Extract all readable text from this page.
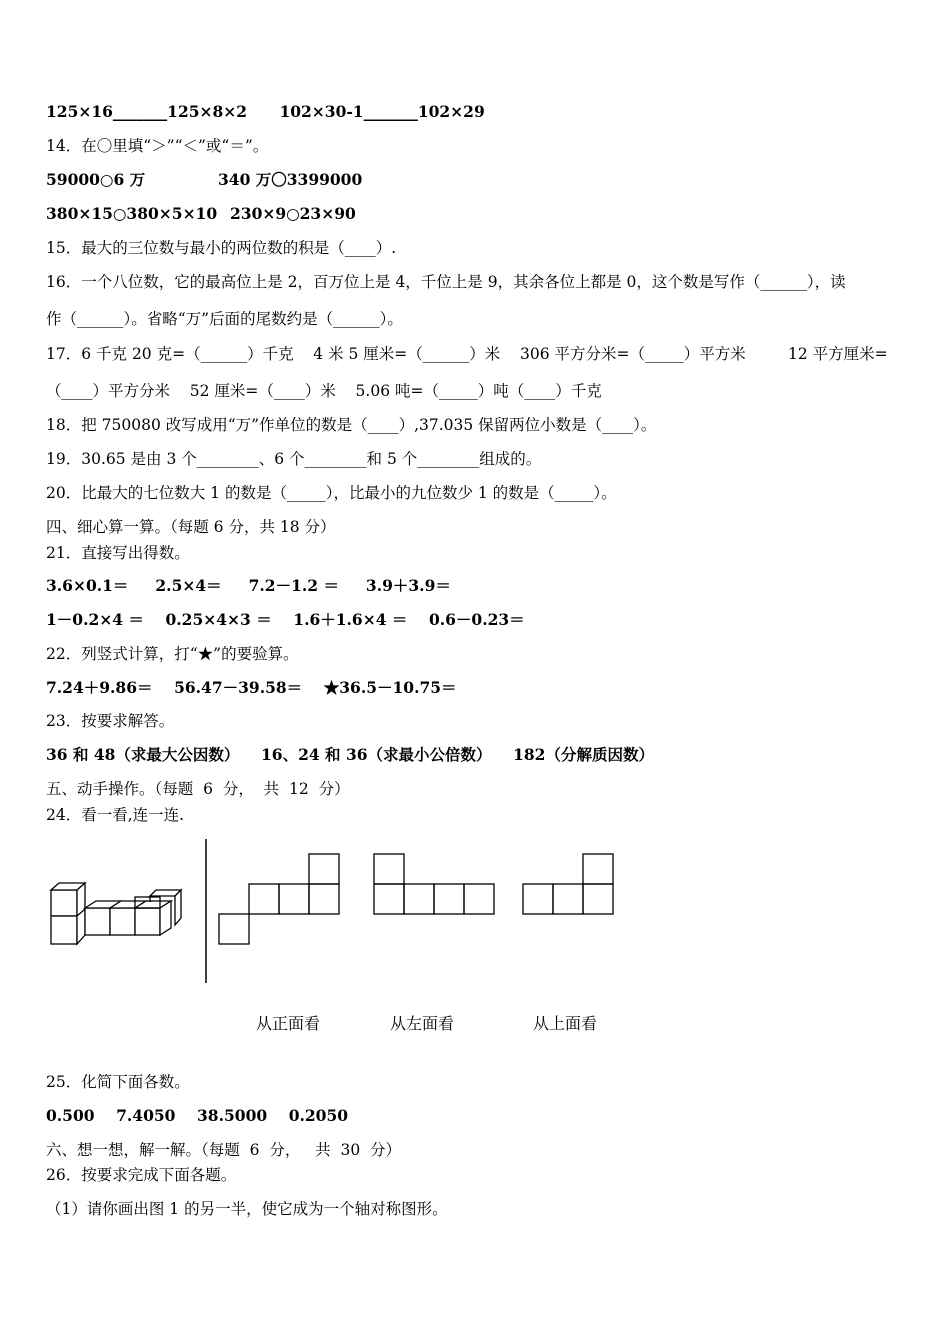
125×16_______125×8×2      102×30-1_______102×29
14．在〇里填“＞”“＜”或“＝”。
59000○6 万	340 万〇3399000
380×15○380×5×10 230×9○23×90
15．最大的三位数与最小的两位数的积是（____）.
16．一个八位数，它的最高位上是 2，百万位上是 4，千位上是 9，其余各位上都是 0，这个数是写作（______），读
作（______）。省略“万”后面的尾数约是（______）。
17．6 千克 20 克=（______）千克    4 米 5 厘米=（______）米    306 平方分米=（_____）平方米	12 平方厘米=
（____）平方分米    52 厘米=（____）米    5.06 吨=（_____）吨（____）千克
18．把 750080 改写成用“万”作单位的数是（____）,37.035 保留两位小数是（____）。
19．30.65 是由 3 个________、6 个________和 5 个________组成的。
20．比最大的七位数大 1 的数是（_____），比最小的九位数少 1 的数是（_____）。
四、细心算一算。（每题 6 分，共 18 分）
21．直接写出得数。
3.6×0.1＝     2.5×4＝     7.2－1.2 ＝     3.9＋3.9＝
1－0.2×4 ＝    0.25×4×3 ＝    1.6＋1.6×4 ＝    0.6－0.23＝
22．列竖式计算，打“★”的要验算。
7.24＋9.86＝    56.47－39.58＝    ★36.5－10.75＝
23．按要求解答。
36 和 48（求最大公因数）    16、24 和 36（求最小公倍数）    182（分解质因数）
五、动手操作。（每题  6  分，  共  12  分）
24．看一看,连一连.
从正面看	从左面看	从上面看
25．化简下面各数。
0.500    7.4050    38.5000    0.2050
六、想一想，解一解。（每题  6  分，   共  30  分）
26．按要求完成下面各题。
（1）请你画出图 1 的另一半，使它成为一个轴对称图形。
